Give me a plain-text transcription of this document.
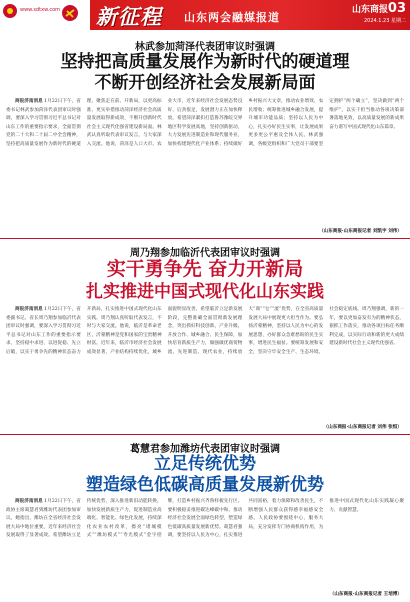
www.sdtxw.com 新征程 山东两会融媒报道
山东商报 03
2024.1.23 星期二
林武参加菏泽代表团审议时强调
坚持把高质量发展作为新时代的硬道理
不断开创经济社会发展新局面

商报济南消息 1月22日下午，省委书记林武参加菏泽代表团审议时强调，要深入学习贯彻习近平总书记对山东工作的重要指示要求，全面贯彻党的二十大和二十届二中全会精神，坚持把高质量发展作为新时代的硬道理，聚焦走在前、开新局，以更高标准、更实举措推动菏泽经济社会高质量发展取得新成效，不断开创新时代社会主义现代化强省建设新局面。林武认真听取代表审议发言，与大家深入交流。他说，菏泽是人口大市、农业大市，近年来经济社会发展态势良好、后劲很足，发展潜力正在加快释放。希望菏泽紧扣打造鲁苏豫皖交界地区科学发展高地，坚持创新驱动，大力发展先进制造业和现代服务业，加快构建现代化产业体系；持续做好乡村振兴大文章，推动农业增效、农民增收；统筹推进城乡融合发展，提升城市功能品质；坚持以人民为中心，扎实办好民生实事，让发展成果更多更公平惠及全体人民。林武强调，各级党组织和广大党员干部要坚定拥护“两个确立”，坚决做到“两个维护”，以实干担当推动各项决策部署落地见效，以高质量发展的新成果奋力谱写中国式现代化山东篇章。

（山东商报·山东商报记者 刘凯宇 刘伟）
周乃翔参加临沂代表团审议时强调
实干勇争先 奋力开新局
扎实推进中国式现代化山东实践

商报济南消息 1月22日下午，省委副书记、省长周乃翔参加临沂代表团审议时强调，要深入学习贯彻习近平总书记对山东工作的重要指示要求，坚持稳中求进、以进促稳、先立后破，以实干勇争先的精神状态奋力开新局，扎实推进中国式现代化山东实践。周乃翔认真听取代表发言，不时与大家交流。他说，临沂是革命老区，沂蒙精神是党和国家的宝贵精神财富。近年来，临沂市经济社会发展成效显著，产业结构持续优化，城乡面貌明显改善。希望临沂立足新发展阶段，完整准确全面贯彻新发展理念，突出抓好科技创新、产业升级、开放合作、城乡融合、民生保障，加快培育新质生产力，做强做优商贸物流、先进制造、现代农业，持续放大“商”“仓”“流”优势，在全省高质量发展大局中展现更大担当作为。要弘扬沂蒙精神，坚持以人民为中心的发展思想，办好群众急难愁盼的民生实事，增进民生福祉。要统筹发展和安全，坚决守牢安全生产、生态环境、社会稳定底线。周乃翔强调，新的一年，要以更加奋发有为的精神状态，狠抓工作落实，推动各项目标任务顺利完成，以实际行动和新的更大成绩建设新时代社会主义现代化强省。

（山东商报·山东商报记者 刘伟 张恒）
葛慧君参加潍坊代表团审议时强调
立足传统优势
塑造绿色低碳高质量发展新优势

商报济南消息 1月22日下午，省政协主席葛慧君到潍坊代表团参加审议。她指出，潍坊在全省经济社会发展大局中地位重要，近年来经济社会发展取得了显著成效。希望潍坊立足传统优势，深入推进新旧动能转换，加快发展新质生产力，促进制造业高端化、智能化、绿色化发展，持续深化农业农村改革，擦亮“诸城模式”“潍坊模式”“寿光模式”金字招牌，打造乡村振兴齐鲁样板先行区。要积极稳妥推进碳达峰碳中和，推动经济社会发展全面绿色转型，塑造绿色低碳高质量发展新优势。葛慧君强调，要坚持以人民为中心，扎实推进共同富裕，着力保障和改善民生，不断增强人民群众获得感幸福感安全感。人民政协要围绕中心、服务大局，充分发挥专门协商机构作用，为推进中国式现代化山东实践凝心聚力、贡献智慧。

（山东商报·山东商报记者 王培博）
